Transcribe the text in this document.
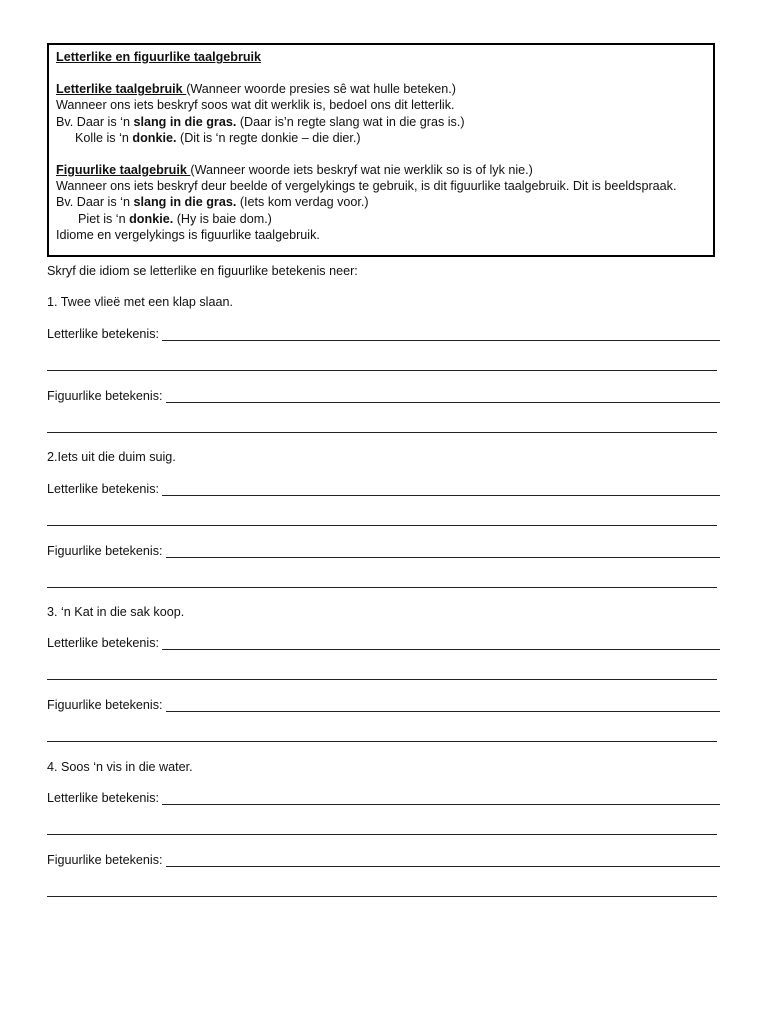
Letterlike en figuurlike taalgebruik

Letterlike taalgebruik (Wanneer woorde presies sê wat hulle beteken.)

Wanneer ons iets beskryf soos wat dit werklik is, bedoel ons dit letterlik.

Bv. Daar is ‘n slang in die gras. (Daar is’n regte slang wat in die gras is.)

Kolle is ‘n donkie. (Dit is ‘n regte donkie – die dier.)

Figuurlike taalgebruik (Wanneer woorde iets beskryf wat nie werklik so is of lyk nie.)

Wanneer ons iets beskryf deur beelde of vergelykings te gebruik, is dit figuurlike taalgebruik. Dit is beeldspraak.

Bv. Daar is ‘n slang in die gras. (Iets kom verdag voor.)

Piet is ‘n donkie. (Hy is baie dom.)

Idiome en vergelykings is figuurlike taalgebruik.

Skryf die idiom se letterlike en figuurlike betekenis neer:
1. Twee vlieë met een klap slaan.
Letterlike betekenis:
Figuurlike betekenis:
2.Iets uit die duim suig.
Letterlike betekenis:
Figuurlike betekenis:
3. ‘n Kat in die sak koop.
Letterlike betekenis:
Figuurlike betekenis:
4. Soos ‘n vis in die water.
Letterlike betekenis:
Figuurlike betekenis:
